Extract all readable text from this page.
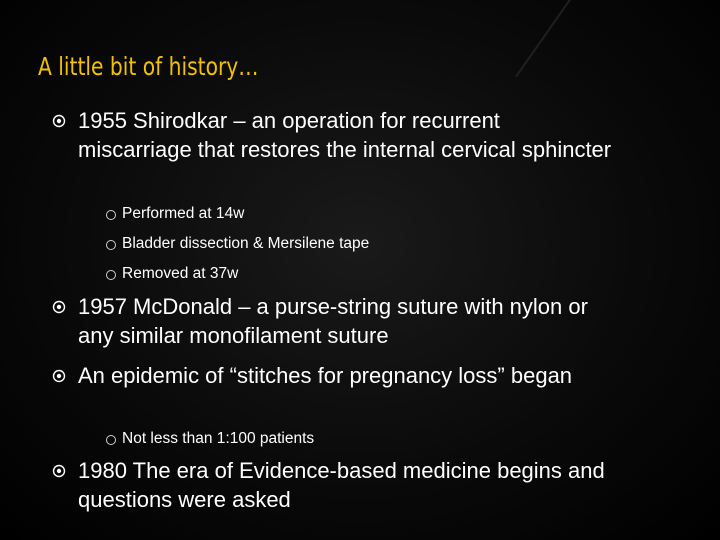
A little bit of history…
1955 Shirodkar – an operation for recurrent miscarriage that restores the internal cervical sphincter
Performed at 14w
Bladder dissection & Mersilene tape
Removed at 37w
1957 McDonald – a purse-string suture with nylon or any similar monofilament suture
An epidemic of “stitches for pregnancy loss” began
Not less than 1:100 patients
1980 The era of Evidence-based medicine begins and questions were asked
